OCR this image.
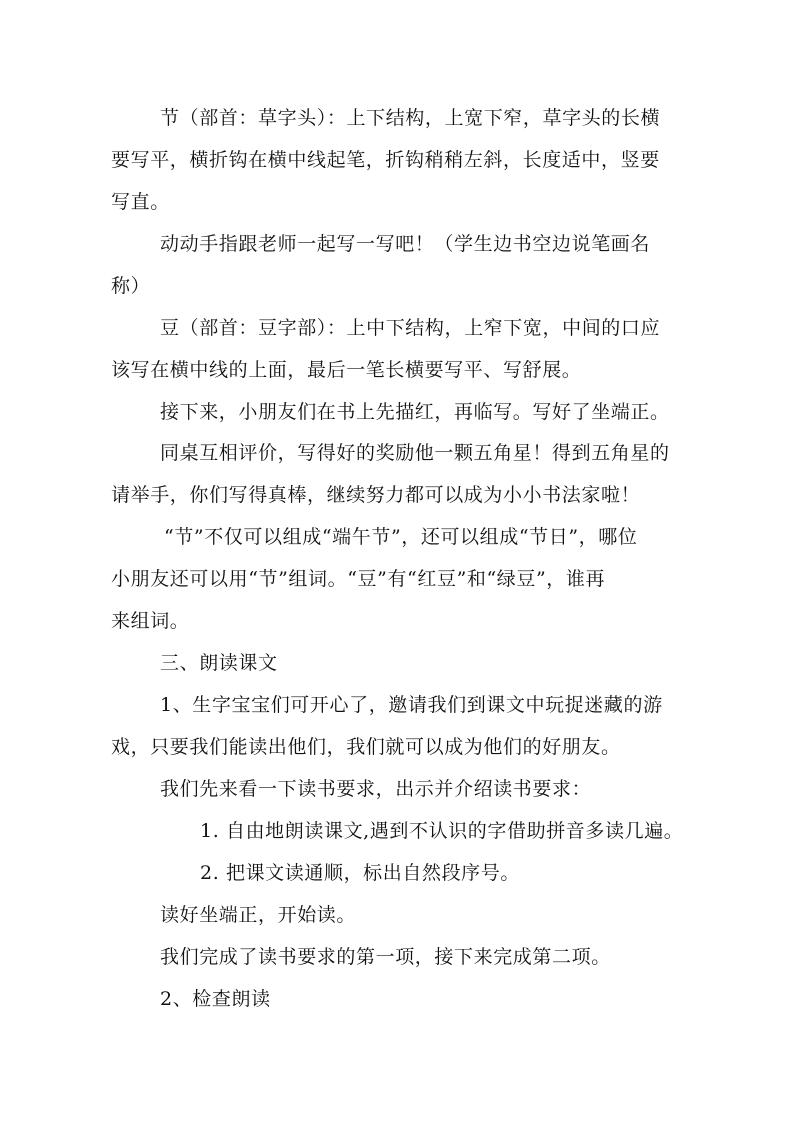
节（部首：草字头）：上下结构，上宽下窄，草字头的长横
要写平，横折钩在横中线起笔，折钩稍稍左斜，长度适中，竖要
写直。
动动手指跟老师一起写一写吧！（学生边书空边说笔画名
称）
豆（部首：豆字部）：上中下结构，上窄下宽，中间的口应
该写在横中线的上面，最后一笔长横要写平、写舒展。
接下来，小朋友们在书上先描红，再临写。写好了坐端正。
同桌互相评价，写得好的奖励他一颗五角星！得到五角星的
请举手，你们写得真棒，继续努力都可以成为小小书法家啦！
“节”不仅可以组成“端午节”，还可以组成“节日”，哪位
小朋友还可以用“节”组词。“豆”有“红豆”和“绿豆”，谁再
来组词。
三、朗读课文
1、生字宝宝们可开心了，邀请我们到课文中玩捉迷藏的游
戏，只要我们能读出他们，我们就可以成为他们的好朋友。
我们先来看一下读书要求，出示并介绍读书要求：
1. 自由地朗读课文,遇到不认识的字借助拼音多读几遍。
2. 把课文读通顺，标出自然段序号。
读好坐端正，开始读。
我们完成了读书要求的第一项，接下来完成第二项。
2、检查朗读
